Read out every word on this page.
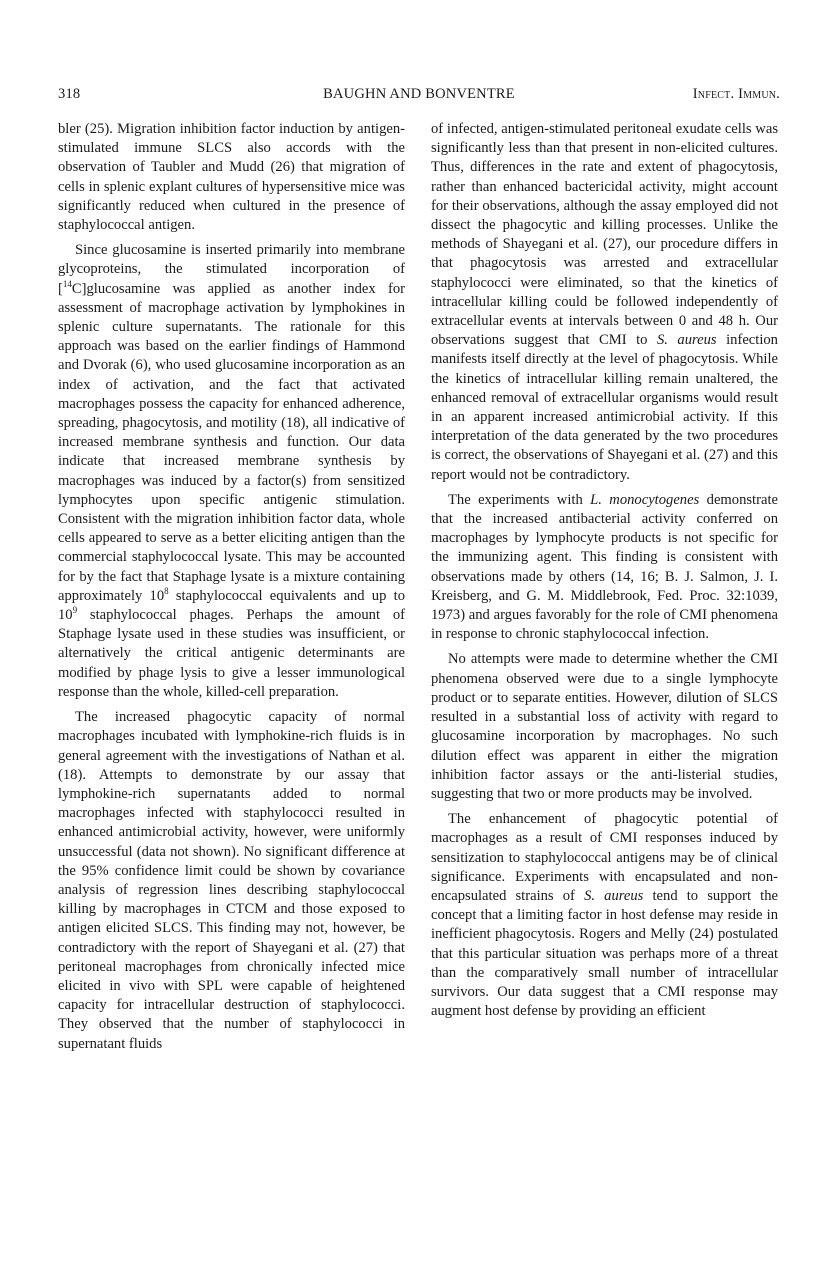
318	BAUGHN AND BONVENTRE	Infect. Immun.

bler (25). Migration inhibition factor induction by antigen-stimulated immune SLCS also accords with the observation of Taubler and Mudd (26) that migration of cells in splenic explant cultures of hypersensitive mice was significantly reduced when cultured in the presence of staphylococcal antigen.

Since glucosamine is inserted primarily into membrane glycoproteins, the stimulated incorporation of [$^{14}$C]glucosamine was applied as another index for assessment of macrophage activation by lymphokines in splenic culture supernatants. The rationale for this approach was based on the earlier findings of Hammond and Dvorak (6), who used glucosamine incorporation as an index of activation, and the fact that activated macrophages possess the capacity for enhanced adherence, spreading, phagocytosis, and motility (18), all indicative of increased membrane synthesis and function. Our data indicate that increased membrane synthesis by macrophages was induced by a factor(s) from sensitized lymphocytes upon specific antigenic stimulation. Consistent with the migration inhibition factor data, whole cells appeared to serve as a better eliciting antigen than the commercial staphylococcal lysate. This may be accounted for by the fact that Staphage lysate is a mixture containing approximately $10^8$ staphylococcal equivalents and up to $10^9$ staphylococcal phages. Perhaps the amount of Staphage lysate used in these studies was insufficient, or alternatively the critical antigenic determinants are modified by phage lysis to give a lesser immunological response than the whole, killed-cell preparation.

The increased phagocytic capacity of normal macrophages incubated with lymphokine-rich fluids is in general agreement with the investigations of Nathan et al. (18). Attempts to demonstrate by our assay that lymphokine-rich supernatants added to normal macrophages infected with staphylococci resulted in enhanced antimicrobial activity, however, were uniformly unsuccessful (data not shown). No significant difference at the 95% confidence limit could be shown by covariance analysis of regression lines describing staphylococcal killing by macrophages in CTCM and those exposed to antigen elicited SLCS. This finding may not, however, be contradictory with the report of Shayegani et al. (27) that peritoneal macrophages from chronically infected mice elicited in vivo with SPL were capable of heightened capacity for intracellular destruction of staphylococci. They observed that the number of staphylococci in supernatant fluids

of infected, antigen-stimulated peritoneal exudate cells was significantly less than that present in non-elicited cultures. Thus, differences in the rate and extent of phagocytosis, rather than enhanced bactericidal activity, might account for their observations, although the assay employed did not dissect the phagocytic and killing processes. Unlike the methods of Shayegani et al. (27), our procedure differs in that phagocytosis was arrested and extracellular staphylococci were eliminated, so that the kinetics of intracellular killing could be followed independently of extracellular events at intervals between 0 and 48 h. Our observations suggest that CMI to S. aureus infection manifests itself directly at the level of phagocytosis. While the kinetics of intracellular killing remain unaltered, the enhanced removal of extracellular organisms would result in an apparent increased antimicrobial activity. If this interpretation of the data generated by the two procedures is correct, the observations of Shayegani et al. (27) and this report would not be contradictory.

The experiments with L. monocytogenes demonstrate that the increased antibacterial activity conferred on macrophages by lymphocyte products is not specific for the immunizing agent. This finding is consistent with observations made by others (14, 16; B. J. Salmon, J. I. Kreisberg, and G. M. Middlebrook, Fed. Proc. 32:1039, 1973) and argues favorably for the role of CMI phenomena in response to chronic staphylococcal infection.

No attempts were made to determine whether the CMI phenomena observed were due to a single lymphocyte product or to separate entities. However, dilution of SLCS resulted in a substantial loss of activity with regard to glucosamine incorporation by macrophages. No such dilution effect was apparent in either the migration inhibition factor assays or the anti-listerial studies, suggesting that two or more products may be involved.

The enhancement of phagocytic potential of macrophages as a result of CMI responses induced by sensitization to staphylococcal antigens may be of clinical significance. Experiments with encapsulated and non-encapsulated strains of S. aureus tend to support the concept that a limiting factor in host defense may reside in inefficient phagocytosis. Rogers and Melly (24) postulated that this particular situation was perhaps more of a threat than the comparatively small number of intracellular survivors. Our data suggest that a CMI response may augment host defense by providing an efficient
